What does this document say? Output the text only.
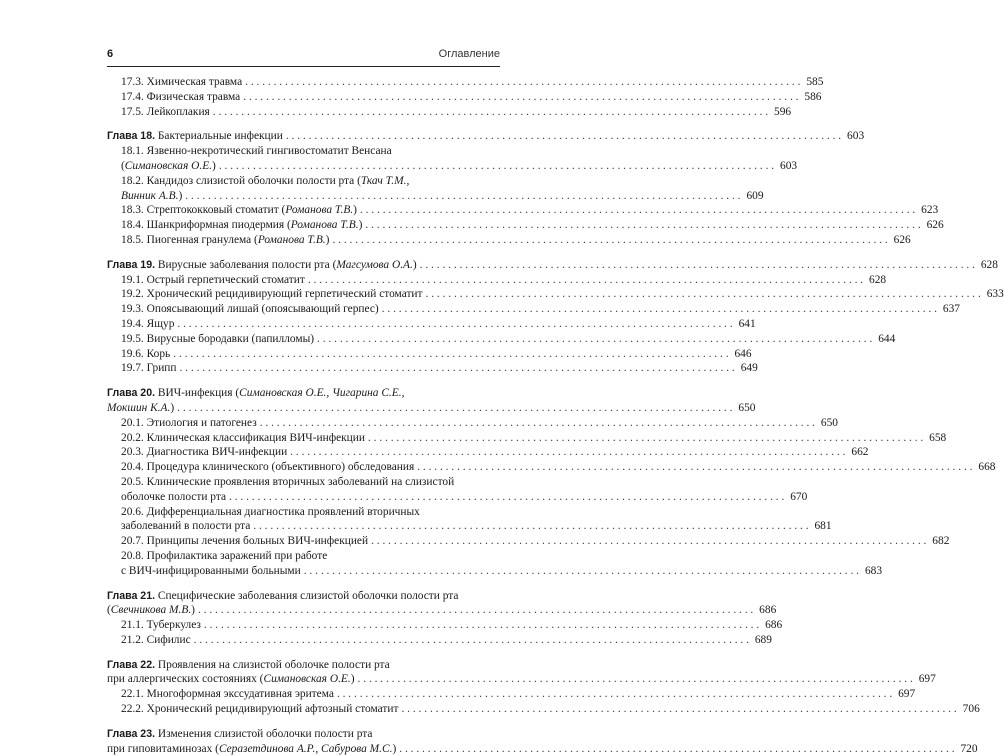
6	Оглавление
17.3. Химическая травма . . .	585
17.4. Физическая травма . . .	586
17.5. Лейкоплакия . . .	596
Глава 18. Бактериальные инфекции . . .	603
18.1. Язвенно-некротический гингивостоматит Венсана
(Симановская О.Е.) . . .	603
18.2. Кандидоз слизистой оболочки полости рта (Ткач Т.М.,
Винник А.В.) . . .	609
18.3. Стрептококковый стоматит (Романова Т.В.) . . .	623
18.4. Шанкриформная пиодермия (Романова Т.В.) . . .	626
18.5. Пиогенная гранулема (Романова Т.В.) . . .	626
Глава 19. Вирусные заболевания полости рта (Магсумова О.А.) . . .	628
19.1. Острый герпетический стоматит . . .	628
19.2. Хронический рецидивирующий герпетический стоматит . . .	633
19.3. Опоясывающий лишай (опоясывающий герпес) . . .	637
19.4. Ящур . . .	641
19.5. Вирусные бородавки (папилломы) . . .	644
19.6. Корь . . .	646
19.7. Грипп . . .	649
Глава 20. ВИЧ-инфекция (Симановская О.Е., Чигарина С.Е.,
Мокшин К.А.) . . .	650
20.1. Этиология и патогенез . . .	650
20.2. Клиническая классификация ВИЧ-инфекции . . .	658
20.3. Диагностика ВИЧ-инфекции . . .	662
20.4. Процедура клинического (объективного) обследования . . .	668
20.5. Клинические проявления вторичных заболеваний на слизистой
оболочке полости рта . . .	670
20.6. Дифференциальная диагностика проявлений вторичных
заболеваний в полости рта . . .	681
20.7. Принципы лечения больных ВИЧ-инфекцией . . .	682
20.8. Профилактика заражений при работе
с ВИЧ-инфицированными больными . . .	683
Глава 21. Специфические заболевания слизистой оболочки полости рта
(Свечникова М.В.) . . .	686
21.1. Туберкулез . . .	686
21.2. Сифилис . . .	689
Глава 22. Проявления на слизистой оболочке полости рта
при аллергических состояниях (Симановская О.Е.) . . .	697
22.1. Многоформная экссудативная эритема . . .	697
22.2. Хронический рецидивирующий афтозный стоматит . . .	706
Глава 23. Изменения слизистой оболочки полости рта
при гиповитаминозах (Серазетдинова А.Р., Сабурова М.С.) . . .	720
